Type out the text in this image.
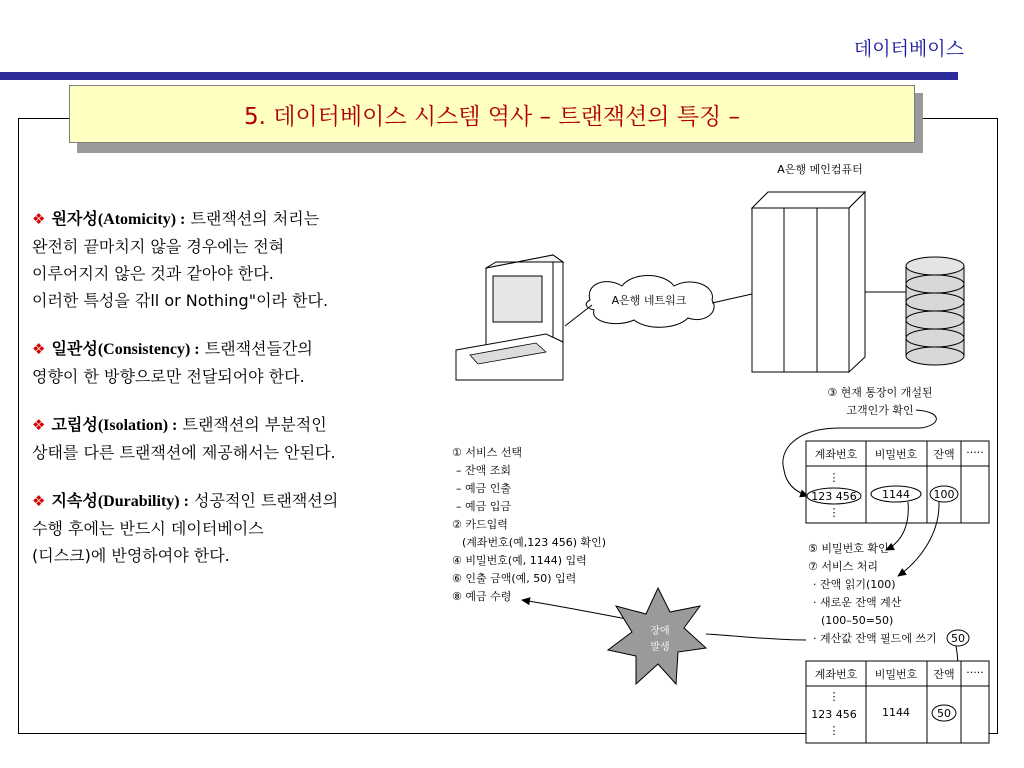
데이터베이스
5. 데이터베이스 시스템 역사 – 트랜잭션의 특징 –
❖ 원자성(Atomicity) : 트랜잭션의 처리는
완전히 끝마치지 않을 경우에는 전혀
이루어지지 않은 것과 같아야 한다.
이러한 특성을 갂ll or Nothing"이라 한다.
❖ 일관성(Consistency) : 트랜잭션들간의
영향이 한 방향으로만 전달되어야 한다.
❖ 고립성(Isolation) : 트랜잭션의 부분적인
상태를 다른 트랜잭션에 제공해서는 안된다.
❖ 지속성(Durability) : 성공적인 트랜잭션의
수행 후에는 반드시 데이터베이스
(디스크)에 반영하여야 한다.
A은행 네트워크
A은행 메인컴퓨터
③ 현재 통장이 개설된
고객인가 확인
계좌번호 비밀번호 잔액 ·····
⋮
123 456
⋮
1144 100
① 서비스 선택
– 잔액 조회
– 예금 인출
– 예금 입금
② 카드입력
(계좌번호(예,123 456) 확인)
④ 비밀번호(예, 1144) 입력
⑥ 인출 금액(예, 50) 입력
⑧ 예금 수령
⑤ 비밀번호 확인
⑦ 서비스 처리
· 잔액 읽기(100)
· 새로운 잔액 계산
(100–50=50)
· 계산값 잔액 필드에 쓰기 50
장애
발생
계좌번호 비밀번호 잔액 ·····
⋮
123 456
⋮
1144 50
